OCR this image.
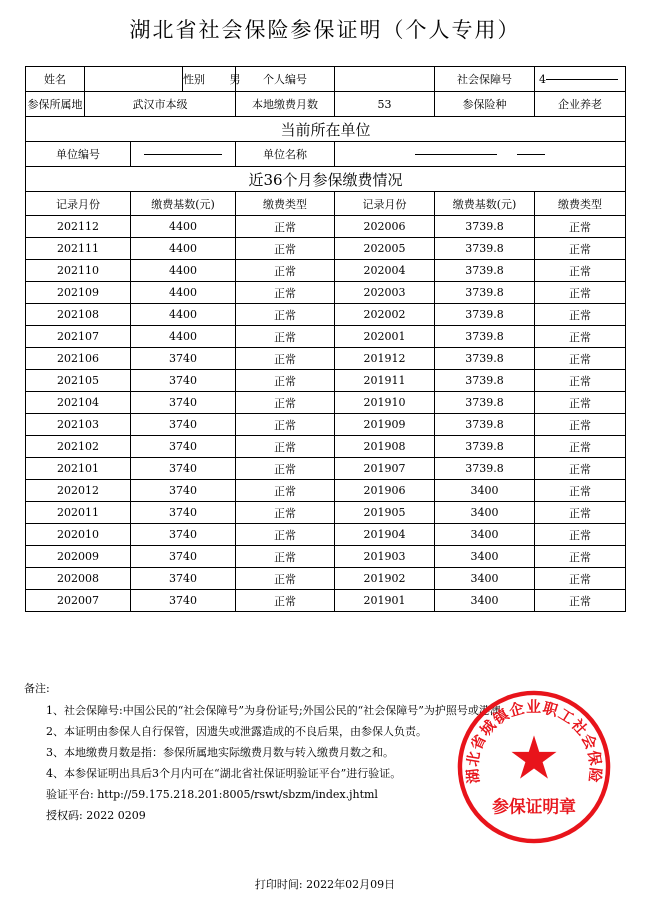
湖北省社会保险参保证明（个人专用）
姓名			性别 男	个人编号		社会保障号	4
参保所属地	武汉市本级			本地缴费月数	53	参保险种	企业养老
当前所在单位							
单位编号				单位名称			
近36个月参保缴费情况							
记录月份		缴费基数(元)		缴费类型	记录月份	缴费基数(元)	缴费类型
202112		4400		正常	202006	3739.8	正常
202111		4400		正常	202005	3739.8	正常
202110		4400		正常	202004	3739.8	正常
202109		4400		正常	202003	3739.8	正常
202108		4400		正常	202002	3739.8	正常
202107		4400		正常	202001	3739.8	正常
202106		3740		正常	201912	3739.8	正常
202105		3740		正常	201911	3739.8	正常
202104		3740		正常	201910	3739.8	正常
202103		3740		正常	201909	3739.8	正常
202102		3740		正常	201908	3739.8	正常
202101		3740		正常	201907	3739.8	正常
202012		3740		正常	201906	3400	正常
202011		3740		正常	201905	3400	正常
202010		3740		正常	201904	3400	正常
202009		3740		正常	201903	3400	正常
202008		3740		正常	201902	3400	正常
202007		3740		正常	201901	3400	正常
备注:
1、社会保障号:中国公民的“社会保障号”为身份证号;外国公民的“社会保障号”为护照号或港澳
2、本证明由参保人自行保管，因遗失或泄露造成的不良后果，由参保人负责。
3、本地缴费月数是指：参保所属地实际缴费月数与转入缴费月数之和。
4、本参保证明出具后3个月内可在“湖北省社保证明验证平台”进行验证。
验证平台: http://59.175.218.201:8005/rswt/sbzm/index.jhtml
授权码: 2022 0209
湖北省城镇企业职工社会保险
参保证明章
打印时间: 2022年02月09日
